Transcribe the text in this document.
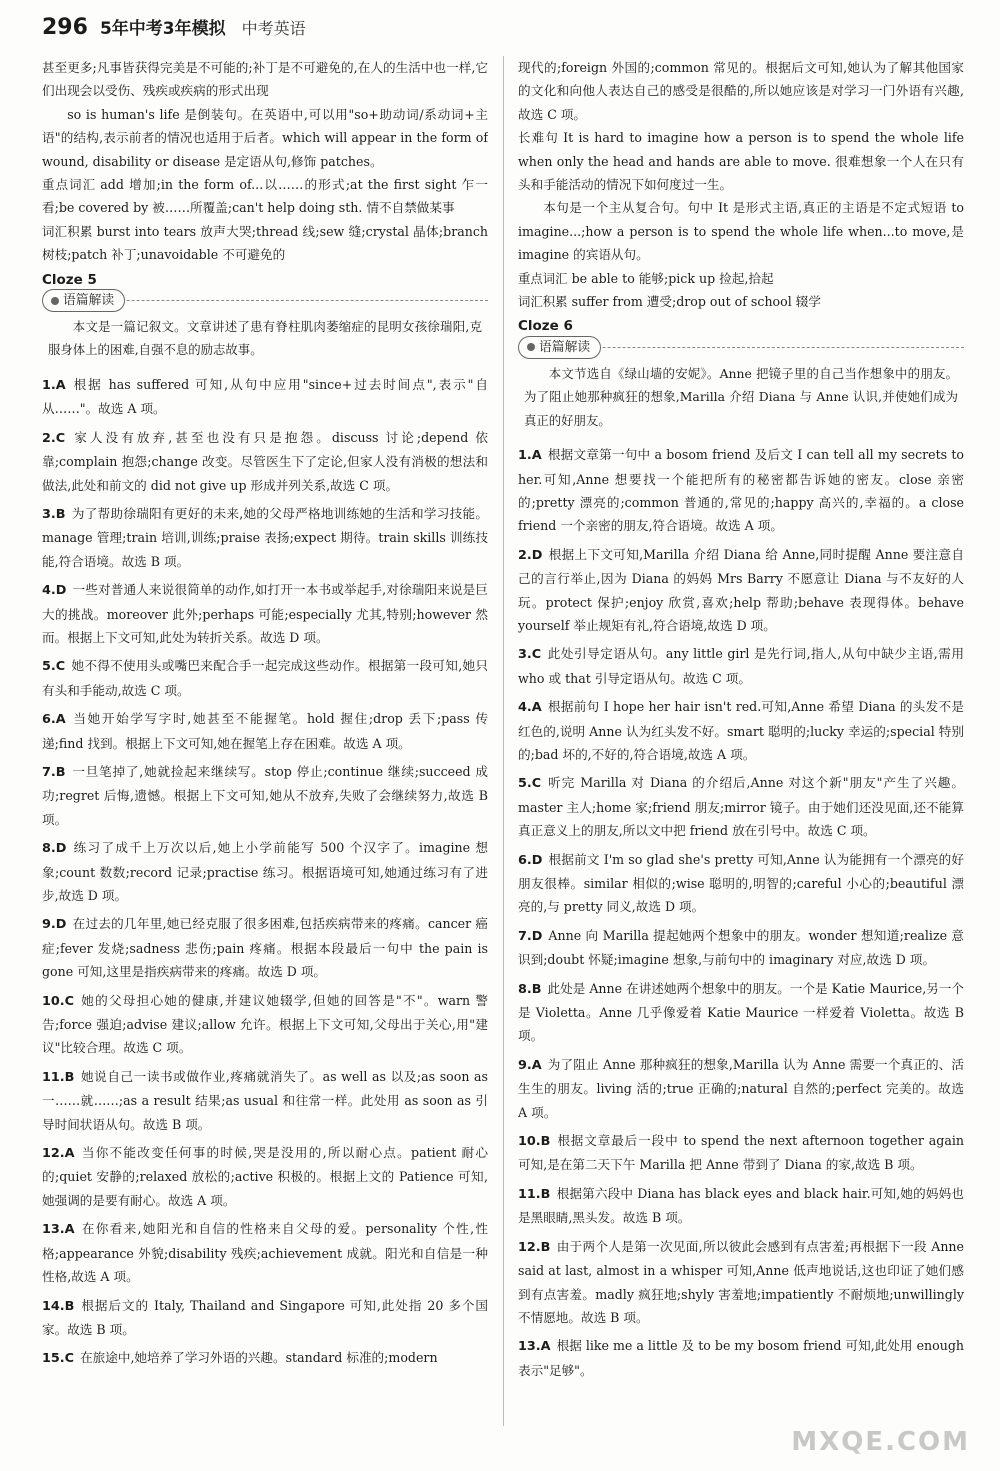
296 5年中考3年模拟 中考英语

甚至更多;凡事皆获得完美是不可能的;补丁是不可避免的,在人的生活中也一样,它们出现会以受伤、残疾或疾病的形式出现

so is human's life 是倒装句。在英语中,可以用"so+助动词/系动词+主语"的结构,表示前者的情况也适用于后者。which will appear in the form of wound, disability or disease 是定语从句,修饰 patches。

重点词汇 add 增加;in the form of...以……的形式;at the first sight 乍一看;be covered by 被……所覆盖;can't help doing sth. 情不自禁做某事

词汇积累 burst into tears 放声大哭;thread 线;sew 缝;crystal 晶体;branch 树枝;patch 补丁;unavoidable 不可避免的

Cloze 5
语篇解读

本文是一篇记叙文。文章讲述了患有脊柱肌肉萎缩症的昆明女孩徐瑞阳,克服身体上的困难,自强不息的励志故事。

1.A 根据 has suffered 可知,从句中应用"since+过去时间点",表示"自从……"。故选 A 项。

2.C 家人没有放弃,甚至也没有只是抱怨。discuss 讨论;depend 依靠;complain 抱怨;change 改变。尽管医生下了定论,但家人没有消极的想法和做法,此处和前文的 did not give up 形成并列关系,故选 C 项。

3.B 为了帮助徐瑞阳有更好的未来,她的父母严格地训练她的生活和学习技能。manage 管理;train 培训,训练;praise 表扬;expect 期待。train skills 训练技能,符合语境。故选 B 项。

4.D 一些对普通人来说很简单的动作,如打开一本书或举起手,对徐瑞阳来说是巨大的挑战。moreover 此外;perhaps 可能;especially 尤其,特别;however 然而。根据上下文可知,此处为转折关系。故选 D 项。

5.C 她不得不使用头或嘴巴来配合手一起完成这些动作。根据第一段可知,她只有头和手能动,故选 C 项。

6.A 当她开始学写字时,她甚至不能握笔。hold 握住;drop 丢下;pass 传递;find 找到。根据上下文可知,她在握笔上存在困难。故选 A 项。

7.B 一旦笔掉了,她就捡起来继续写。stop 停止;continue 继续;succeed 成功;regret 后悔,遗憾。根据上下文可知,她从不放弃,失败了会继续努力,故选 B 项。

8.D 练习了成千上万次以后,她上小学前能写 500 个汉字了。imagine 想象;count 数数;record 记录;practise 练习。根据语境可知,她通过练习有了进步,故选 D 项。

9.D 在过去的几年里,她已经克服了很多困难,包括疾病带来的疼痛。cancer 癌症;fever 发烧;sadness 悲伤;pain 疼痛。根据本段最后一句中 the pain is gone 可知,这里是指疾病带来的疼痛。故选 D 项。

10.C 她的父母担心她的健康,并建议她辍学,但她的回答是"不"。warn 警告;force 强迫;advise 建议;allow 允许。根据上下文可知,父母出于关心,用"建议"比较合理。故选 C 项。

11.B 她说自己一读书或做作业,疼痛就消失了。as well as 以及;as soon as 一……就……;as a result 结果;as usual 和往常一样。此处用 as soon as 引导时间状语从句。故选 B 项。

12.A 当你不能改变任何事的时候,哭是没用的,所以耐心点。patient 耐心的;quiet 安静的;relaxed 放松的;active 积极的。根据上文的 Patience 可知,她强调的是要有耐心。故选 A 项。

13.A 在你看来,她阳光和自信的性格来自父母的爱。personality 个性,性格;appearance 外貌;disability 残疾;achievement 成就。阳光和自信是一种性格,故选 A 项。

14.B 根据后文的 Italy, Thailand and Singapore 可知,此处指 20 多个国家。故选 B 项。

15.C 在旅途中,她培养了学习外语的兴趣。standard 标准的;modern

现代的;foreign 外国的;common 常见的。根据后文可知,她认为了解其他国家的文化和向他人表达自己的感受是很酷的,所以她应该是对学习一门外语有兴趣,故选 C 项。

长难句 It is hard to imagine how a person is to spend the whole life when only the head and hands are able to move. 很难想象一个人在只有头和手能活动的情况下如何度过一生。

本句是一个主从复合句。句中 It 是形式主语,真正的主语是不定式短语 to imagine...;how a person is to spend the whole life when...to move,是 imagine 的宾语从句。

重点词汇 be able to 能够;pick up 捡起,拾起

词汇积累 suffer from 遭受;drop out of school 辍学

Cloze 6
语篇解读

本文节选自《绿山墙的安妮》。Anne 把镜子里的自己当作想象中的朋友。为了阻止她那种疯狂的想象,Marilla 介绍 Diana 与 Anne 认识,并使她们成为真正的好朋友。

1.A 根据文章第一句中 a bosom friend 及后文 I can tell all my secrets to her.可知,Anne 想要找一个能把所有的秘密都告诉她的密友。close 亲密的;pretty 漂亮的;common 普通的,常见的;happy 高兴的,幸福的。a close friend 一个亲密的朋友,符合语境。故选 A 项。

2.D 根据上下文可知,Marilla 介绍 Diana 给 Anne,同时提醒 Anne 要注意自己的言行举止,因为 Diana 的妈妈 Mrs Barry 不愿意让 Diana 与不友好的人玩。protect 保护;enjoy 欣赏,喜欢;help 帮助;behave 表现得体。behave yourself 举止规矩有礼,符合语境,故选 D 项。

3.C 此处引导定语从句。any little girl 是先行词,指人,从句中缺少主语,需用 who 或 that 引导定语从句。故选 C 项。

4.A 根据前句 I hope her hair isn't red.可知,Anne 希望 Diana 的头发不是红色的,说明 Anne 认为红头发不好。smart 聪明的;lucky 幸运的;special 特别的;bad 坏的,不好的,符合语境,故选 A 项。

5.C 听完 Marilla 对 Diana 的介绍后,Anne 对这个新"朋友"产生了兴趣。master 主人;home 家;friend 朋友;mirror 镜子。由于她们还没见面,还不能算真正意义上的朋友,所以文中把 friend 放在引号中。故选 C 项。

6.D 根据前文 I'm so glad she's pretty 可知,Anne 认为能拥有一个漂亮的好朋友很棒。similar 相似的;wise 聪明的,明智的;careful 小心的;beautiful 漂亮的,与 pretty 同义,故选 D 项。

7.D Anne 向 Marilla 提起她两个想象中的朋友。wonder 想知道;realize 意识到;doubt 怀疑;imagine 想象,与前句中的 imaginary 对应,故选 D 项。

8.B 此处是 Anne 在讲述她两个想象中的朋友。一个是 Katie Maurice,另一个是 Violetta。Anne 几乎像爱着 Katie Maurice 一样爱着 Violetta。故选 B 项。

9.A 为了阻止 Anne 那种疯狂的想象,Marilla 认为 Anne 需要一个真正的、活生生的朋友。living 活的;true 正确的;natural 自然的;perfect 完美的。故选 A 项。

10.B 根据文章最后一段中 to spend the next afternoon together again 可知,是在第二天下午 Marilla 把 Anne 带到了 Diana 的家,故选 B 项。

11.B 根据第六段中 Diana has black eyes and black hair.可知,她的妈妈也是黑眼睛,黑头发。故选 B 项。

12.B 由于两个人是第一次见面,所以彼此会感到有点害羞;再根据下一段 Anne said at last, almost in a whisper 可知,Anne 低声地说话,这也印证了她们感到有点害羞。madly 疯狂地;shyly 害羞地;impatiently 不耐烦地;unwillingly 不情愿地。故选 B 项。

13.A 根据 like me a little 及 to be my bosom friend 可知,此处用 enough 表示"足够"。

MXQE.COM
